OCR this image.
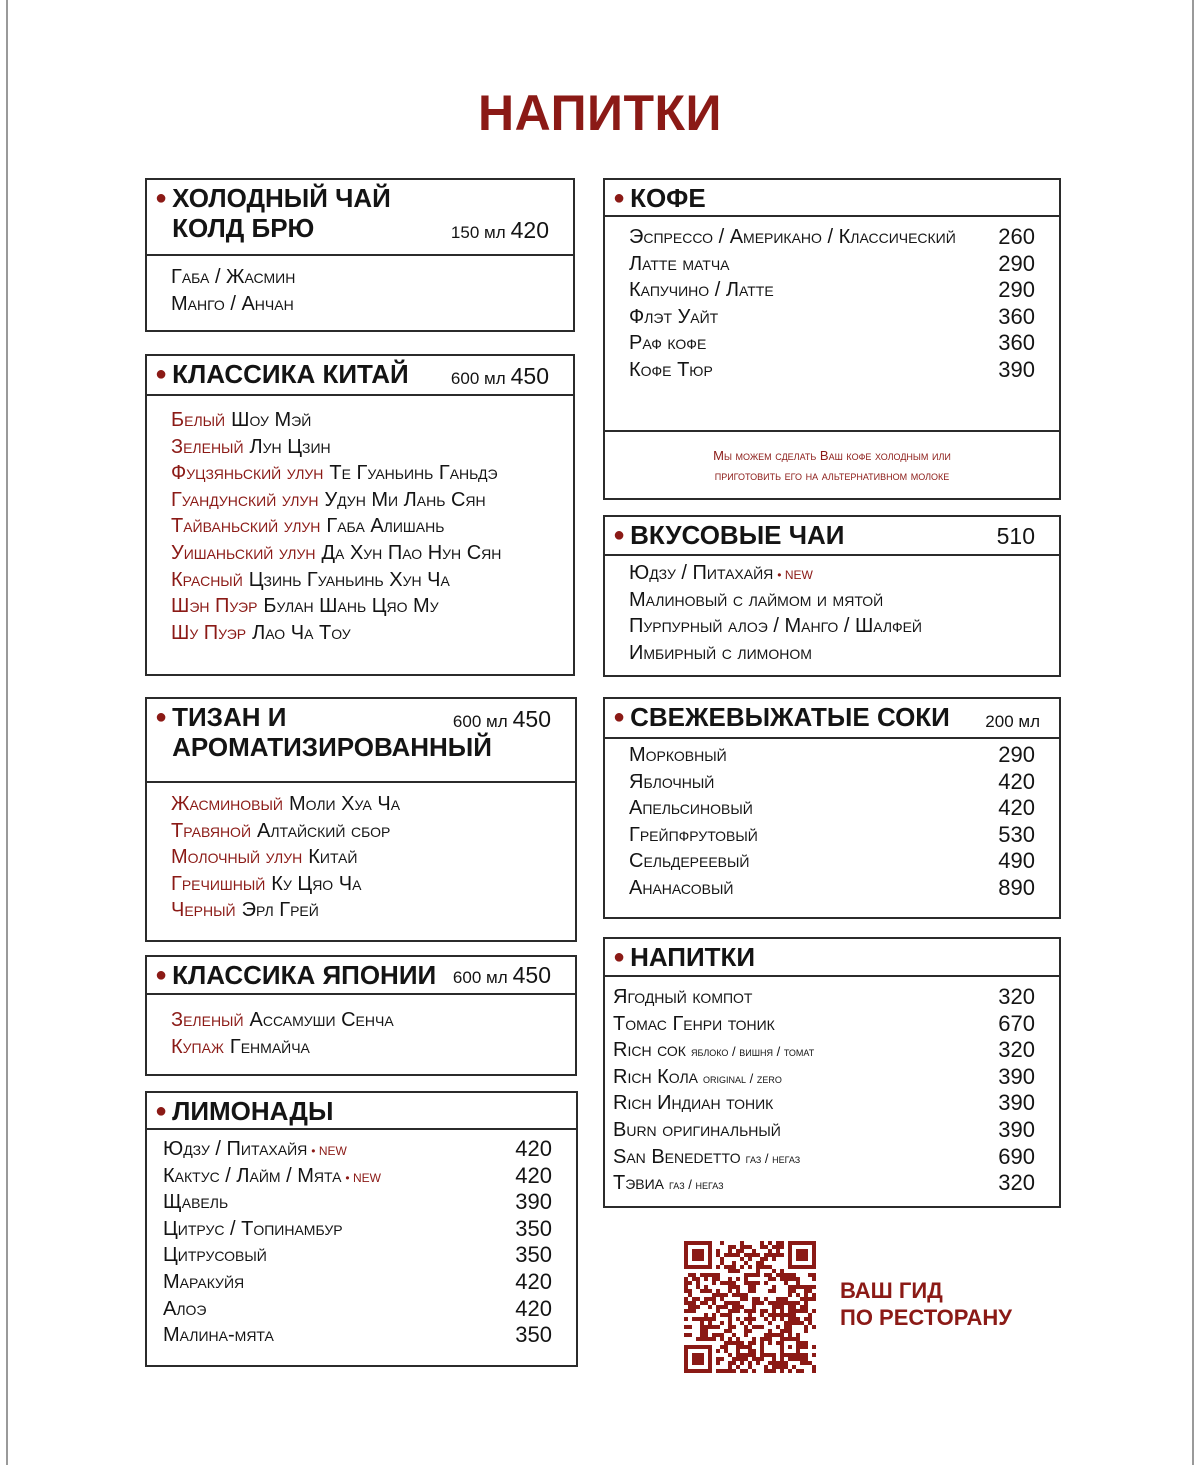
НАПИТКИ
● ХОЛОДНЫЙ ЧАЙ
КОЛД БРЮ	150 мл 420
Габа / Жасмин
Манго / Анчан
● КЛАССИКА КИТАЙ 600 мл 450
Белый Шоу Мэй
Зеленый Лун Цзин
Фуцзяньский улун Те Гуаньинь Ганьдэ
Гуандунский улун Удун Ми Лань Сян
Тайваньский улун Габа Алишань
Уишаньский улун Да Хун Пао Нун Сян
Красный Цзинь Гуаньинь Хун Ча
Шэн Пуэр Булан Шань Цяо Му
Шу Пуэр Лао Ча Тоу
● ТИЗАН И
АРОМАТИЗИРОВАННЫЙ
600 мл 450
Жасминовый Моли Хуа Ча
Травяной Алтайский сбор
Молочный улун Китай
Гречишный Ку Цяо Ча
Черный Эрл Грей
● КЛАССИКА ЯПОНИИ 600 мл 450
Зеленый Ассамуши Сенча
Купаж Генмайча
● ЛИМОНАДЫ
Юдзу / Питахайя • NEW	420
Кактус / Лайм / Мята • NEW	420
Щавель	390
Цитрус / Топинамбур	350
Цитрусовый	350
Маракуйя	420
Алоэ	420
Малина-мята	350
● КОФЕ
Эспрессо / Американо / Классический 260
Латте матча	290
Капучино / Латте	290
Флэт Уайт	360
Раф кофе	360
Кофе Тюр	390
Мы можем сделать Ваш кофе холодным или
приготовить его на альтернативном молоке
● ВКУСОВЫЕ ЧАИ	510
Юдзу / Питахайя • NEW
Малиновый с лаймом и мятой
Пурпурный алоэ / Манго / Шалфей
Имбирный с лимоном
● СВЕЖЕВЫЖАТЫЕ СОКИ 200 мл
Морковный	290
Яблочный	420
Апельсиновый	420
Грейпфрутовый	530
Сельдереевый	490
Ананасовый	890
● НАПИТКИ
Ягодный компот	320
Томас Генри тоник	670
Rich сок яблоко / вишня / томат	320
Rich Кола original / zero	390
Rich Индиан тоник	390
Burn оригинальный	390
San Benedetto газ / негаз	690
Тэвиа газ / негаз	320
ВАШ ГИД
ПО РЕСТОРАНУ
